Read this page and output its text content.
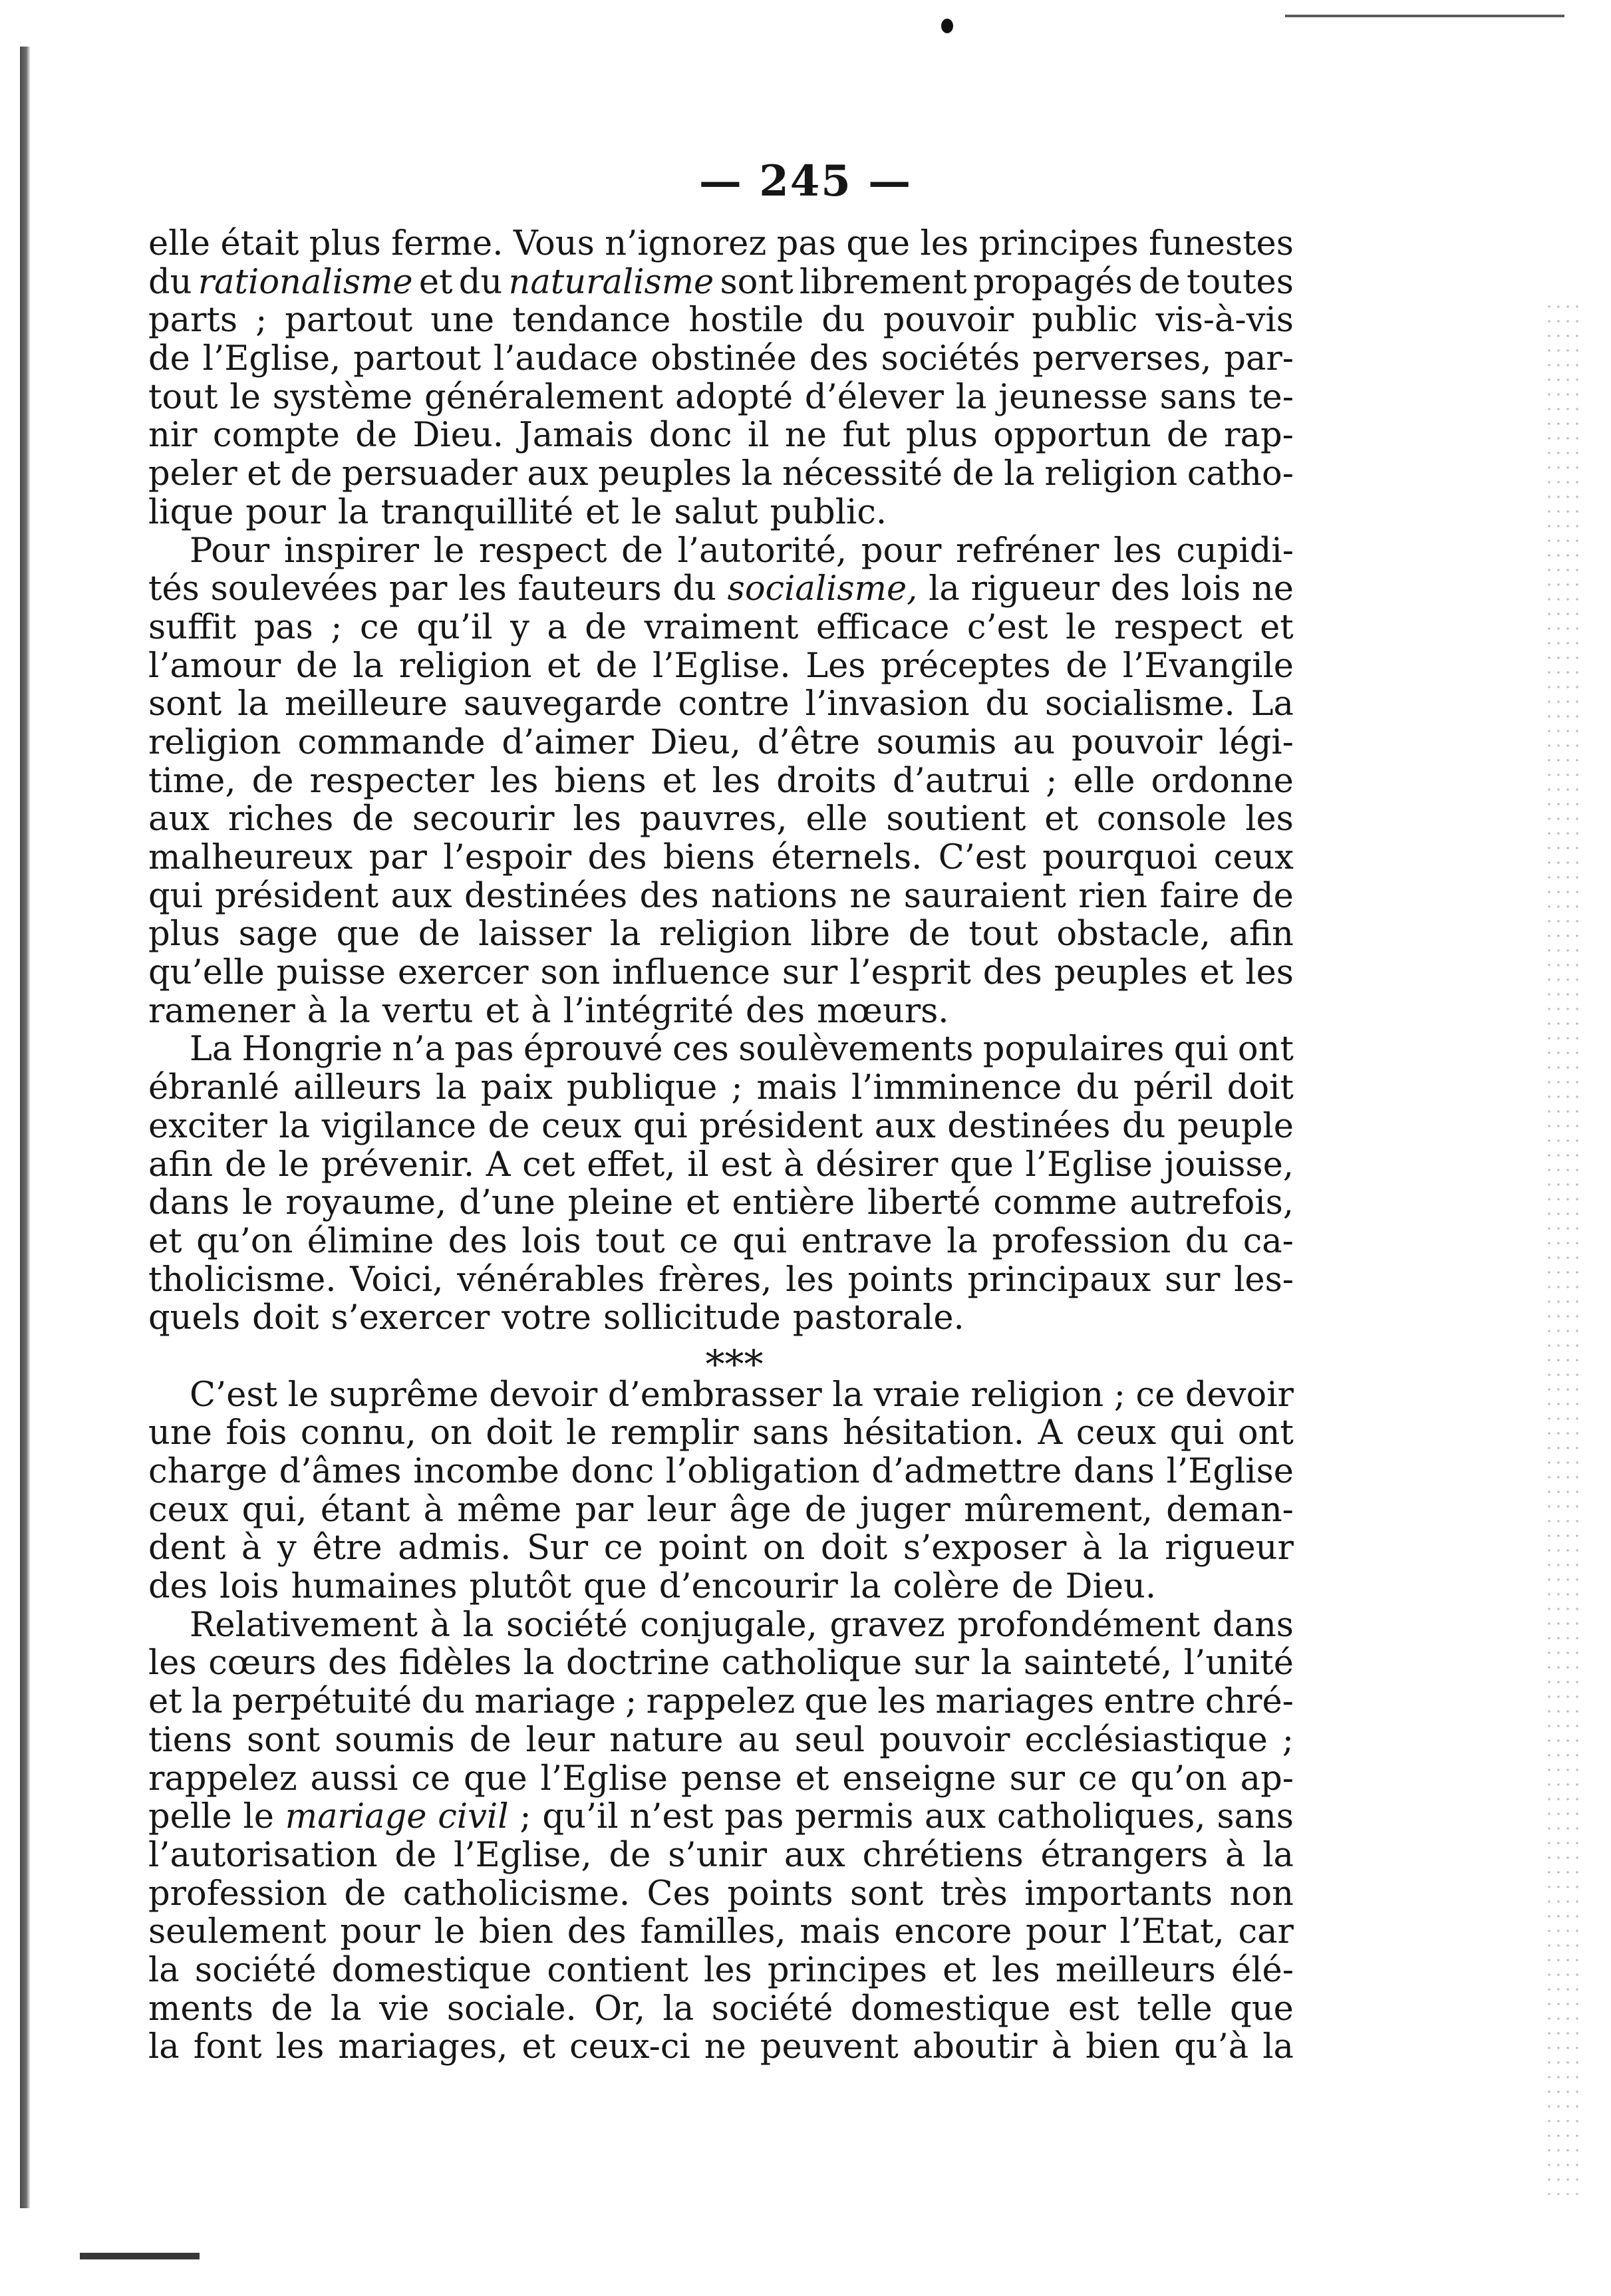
— 245 —
elle était plus ferme. Vous n’ignorez pas que les principes funestes
du rationalisme et du naturalisme sont librement propagés de toutes
parts ; partout une tendance hostile du pouvoir public vis-à-vis
de l’Eglise, partout l’audace obstinée des sociétés perverses, par-
tout le système généralement adopté d’élever la jeunesse sans te-
nir compte de Dieu. Jamais donc il ne fut plus opportun de rap-
peler et de persuader aux peuples la nécessité de la religion catho-
lique pour la tranquillité et le salut public.
Pour inspirer le respect de l’autorité, pour refréner les cupidi-
tés soulevées par les fauteurs du socialisme, la rigueur des lois ne
suffit pas ; ce qu’il y a de vraiment efficace c’est le respect et
l’amour de la religion et de l’Eglise. Les préceptes de l’Evangile
sont la meilleure sauvegarde contre l’invasion du socialisme. La
religion commande d’aimer Dieu, d’être soumis au pouvoir légi-
time, de respecter les biens et les droits d’autrui ; elle ordonne
aux riches de secourir les pauvres, elle soutient et console les
malheureux par l’espoir des biens éternels. C’est pourquoi ceux
qui président aux destinées des nations ne sauraient rien faire de
plus sage que de laisser la religion libre de tout obstacle, afin
qu’elle puisse exercer son influence sur l’esprit des peuples et les
ramener à la vertu et à l’intégrité des mœurs.
La Hongrie n’a pas éprouvé ces soulèvements populaires qui ont
ébranlé ailleurs la paix publique ; mais l’imminence du péril doit
exciter la vigilance de ceux qui président aux destinées du peuple
afin de le prévenir. A cet effet, il est à désirer que l’Eglise jouisse,
dans le royaume, d’une pleine et entière liberté comme autrefois,
et qu’on élimine des lois tout ce qui entrave la profession du ca-
tholicisme. Voici, vénérables frères, les points principaux sur les-
quels doit s’exercer votre sollicitude pastorale.
***
C’est le suprême devoir d’embrasser la vraie religion ; ce devoir
une fois connu, on doit le remplir sans hésitation. A ceux qui ont
charge d’âmes incombe donc l’obligation d’admettre dans l’Eglise
ceux qui, étant à même par leur âge de juger mûrement, deman-
dent à y être admis. Sur ce point on doit s’exposer à la rigueur
des lois humaines plutôt que d’encourir la colère de Dieu.
Relativement à la société conjugale, gravez profondément dans
les cœurs des fidèles la doctrine catholique sur la sainteté, l’unité
et la perpétuité du mariage ; rappelez que les mariages entre chré-
tiens sont soumis de leur nature au seul pouvoir ecclésiastique ;
rappelez aussi ce que l’Eglise pense et enseigne sur ce qu’on ap-
pelle le mariage civil ; qu’il n’est pas permis aux catholiques, sans
l’autorisation de l’Eglise, de s’unir aux chrétiens étrangers à la
profession de catholicisme. Ces points sont très importants non
seulement pour le bien des familles, mais encore pour l’Etat, car
la société domestique contient les principes et les meilleurs élé-
ments de la vie sociale. Or, la société domestique est telle que
la font les mariages, et ceux-ci ne peuvent aboutir à bien qu’à la
